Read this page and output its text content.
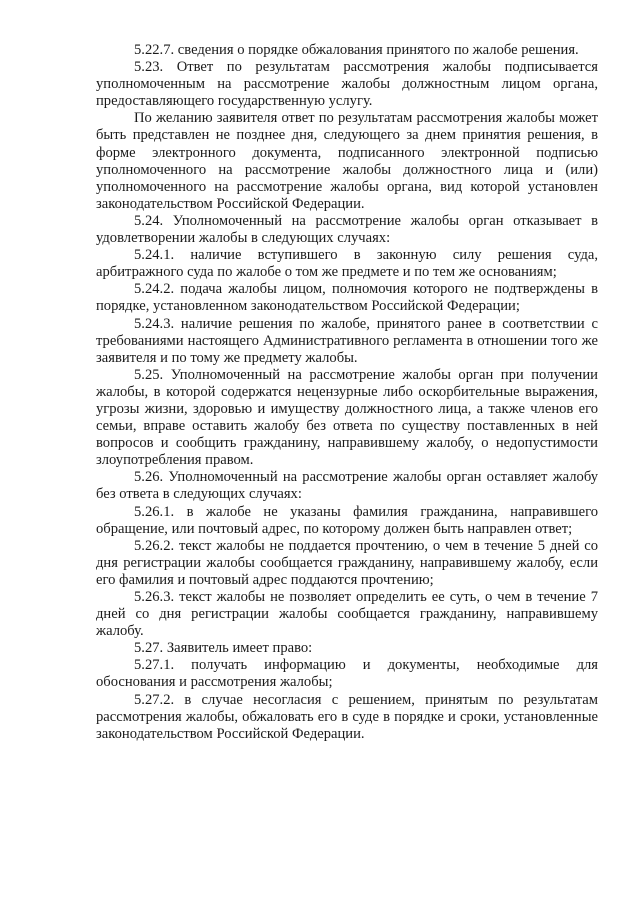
5.22.7. сведения о порядке обжалования принятого по жалобе решения.

5.23. Ответ по результатам рассмотрения жалобы подписывается уполномоченным на рассмотрение жалобы должностным лицом органа, предоставляющего государственную услугу.

По желанию заявителя ответ по результатам рассмотрения жалобы может быть представлен не позднее дня, следующего за днем принятия решения, в форме электронного документа, подписанного электронной подписью уполномоченного на рассмотрение жалобы должностного лица и (или) уполномоченного на рассмотрение жалобы органа, вид которой установлен законодательством Российской Федерации.

5.24. Уполномоченный на рассмотрение жалобы орган отказывает в удовлетворении жалобы в следующих случаях:

5.24.1. наличие вступившего в законную силу решения суда, арбитражного суда по жалобе о том же предмете и по тем же основаниям;

5.24.2. подача жалобы лицом, полномочия которого не подтверждены в порядке, установленном законодательством Российской Федерации;

5.24.3. наличие решения по жалобе, принятого ранее в соответствии с требованиями настоящего Административного регламента в отношении того же заявителя и по тому же предмету жалобы.

5.25. Уполномоченный на рассмотрение жалобы орган при получении жалобы, в которой содержатся нецензурные либо оскорбительные выражения, угрозы жизни, здоровью и имуществу должностного лица, а также членов его семьи, вправе оставить жалобу без ответа по существу поставленных в ней вопросов и сообщить гражданину, направившему жалобу, о недопустимости злоупотребления правом.

5.26. Уполномоченный на рассмотрение жалобы орган оставляет жалобу без ответа в следующих случаях:

5.26.1. в жалобе не указаны фамилия гражданина, направившего обращение, или почтовый адрес, по которому должен быть направлен ответ;

5.26.2. текст жалобы не поддается прочтению, о чем в течение 5 дней со дня регистрации жалобы сообщается гражданину, направившему жалобу, если его фамилия и почтовый адрес поддаются прочтению;

5.26.3. текст жалобы не позволяет определить ее суть, о чем в течение 7 дней со дня регистрации жалобы сообщается гражданину, направившему жалобу.

5.27. Заявитель имеет право:

5.27.1. получать информацию и документы, необходимые для обоснования и рассмотрения жалобы;

5.27.2. в случае несогласия с решением, принятым по результатам рассмотрения жалобы, обжаловать его в суде в порядке и сроки, установленные законодательством Российской Федерации.
